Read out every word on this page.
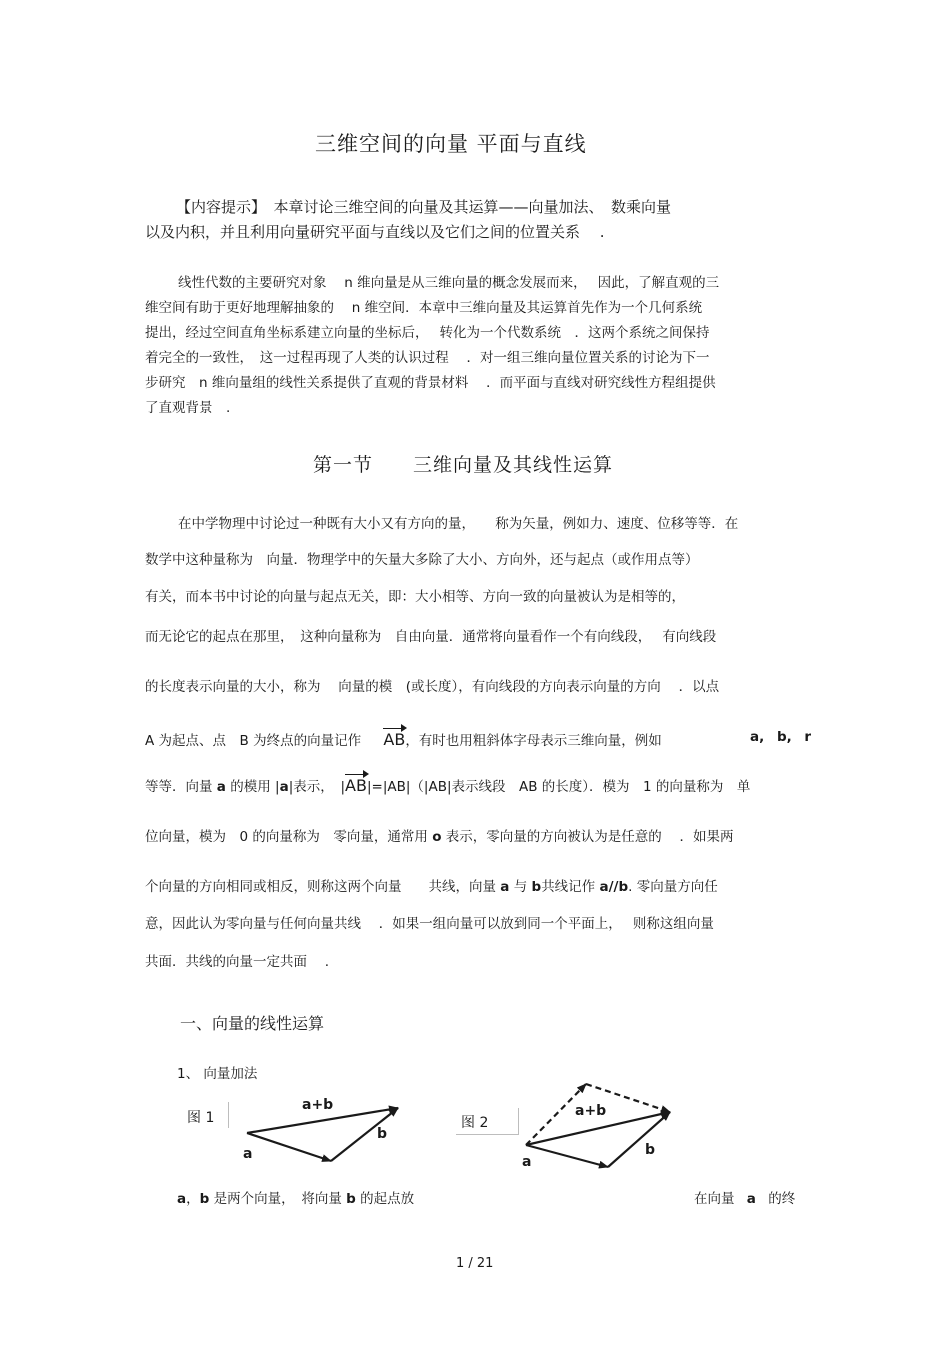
三维空间的向量 平面与直线
【内容提示】　本章讨论三维空间的向量及其运算——向量加法、　数乘向量
以及内积，并且利用向量研究平面与直线以及它们之间的位置关系　 .
线性代数的主要研究对象　 n 维向量是从三维向量的概念发展而来，　 因此，了解直观的三
维空间有助于更好地理解抽象的　 n 维空间．本章中三维向量及其运算首先作为一个几何系统
提出，经过空间直角坐标系建立向量的坐标后，　 转化为一个代数系统　．这两个系统之间保持
着完全的一致性，　这一过程再现了人类的认识过程　 ．对一组三维向量位置关系的讨论为下一
步研究　n 维向量组的线性关系提供了直观的背景材料　 ．而平面与直线对研究线性方程组提供
了直观背景　.
第一节　　三维向量及其线性运算
在中学物理中讨论过一种既有大小又有方向的量，　　称为矢量，例如力、速度、位移等等．在
数学中这种量称为　向量．物理学中的矢量大多除了大小、方向外，还与起点（或作用点等）
有关，而本书中讨论的向量与起点无关，即：大小相等、方向一致的向量被认为是相等的，
而无论它的起点在那里，　这种向量称为　自由向量．通常将向量看作一个有向线段，　 有向线段
的长度表示向量的大小，称为　 向量的模　(或长度），有向线段的方向表示向量的方向　 ．以点
A 为起点、点　B 为终点的向量记作 AB，有时也用粗斜体字母表示三维向量，例如	a, b, r
等等．向量 a 的模用 |a|表示，　|AB|=|AB|（|AB|表示线段　AB 的长度）．模为　1 的向量称为　单
位向量，模为　0 的向量称为　零向量，通常用 o 表示，零向量的方向被认为是任意的　 ．如果两
个向量的方向相同或相反，则称这两个向量　　共线，向量 a 与 b共线记作 a//b. 零向量方向任
意，因此认为零向量与任何向量共线　 ．如果一组向量可以放到同一个平面上，　 则称这组向量
共面．共线的向量一定共面　 .
一、向量的线性运算
1、 向量加法
图 1
a+b
b
a
图 2
a+b
b
a
a，b 是两个向量，　将向量 b 的起点放	在向量 a 的终
1 / 21
